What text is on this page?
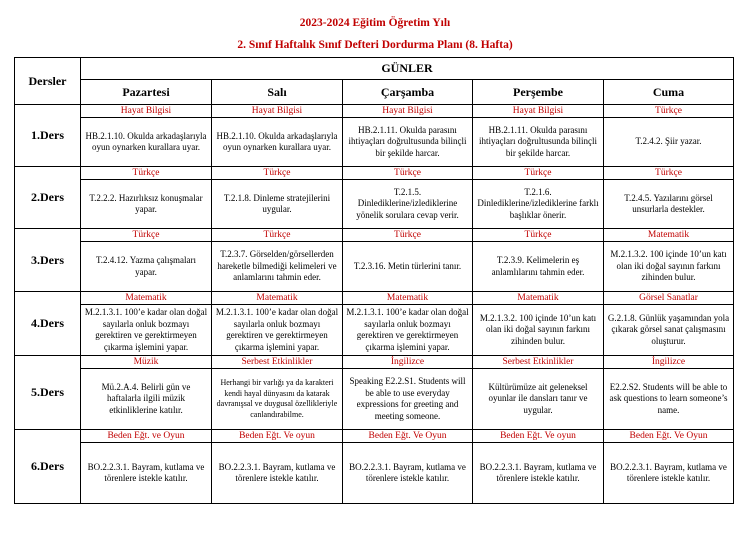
2023-2024 Eğitim Öğretim Yılı
2. Sınıf Haftalık Sınıf Defteri Dordurma Planı (8. Hafta)
Dersler	GÜNLER				
	Pazartesi	Salı	Çarşamba	Perşembe	Cuma
1.Ders	Hayat Bilgisi	Hayat Bilgisi	Hayat Bilgisi	Hayat Bilgisi	Türkçe
	HB.2.1.10. Okulda arkadaşlarıyla oyun oynarken kurallara uyar.	HB.2.1.10. Okulda arkadaşlarıyla oyun oynarken kurallara uyar.	HB.2.1.11. Okulda parasını ihtiyaçları doğrultusunda bilinçli bir şekilde harcar.	HB.2.1.11. Okulda parasını ihtiyaçları doğrultusunda bilinçli bir şekilde harcar.	T.2.4.2. Şiir yazar.
2.Ders	Türkçe	Türkçe	Türkçe	Türkçe	Türkçe
	T.2.2.2. Hazırlıksız konuşmalar yapar.	T.2.1.8. Dinleme stratejilerini uygular.	T.2.1.5. Dinlediklerine/izlediklerine yönelik sorulara cevap verir.	T.2.1.6. Dinlediklerine/izlediklerine farklı başlıklar önerir.	T.2.4.5. Yazılarını görsel unsurlarla destekler.
3.Ders	Türkçe	Türkçe	Türkçe	Türkçe	Matematik
	T.2.4.12. Yazma çalışmaları yapar.	T.2.3.7. Görselden/görsellerden hareketle bilmediği kelimeleri ve anlamlarını tahmin eder.	T.2.3.16. Metin türlerini tanır.	T.2.3.9. Kelimelerin eş anlamlılarını tahmin eder.	M.2.1.3.2. 100 içinde 10’un katı olan iki doğal sayının farkını zihinden bulur.
4.Ders	Matematik	Matematik	Matematik	Matematik	Görsel Sanatlar
	M.2.1.3.1. 100’e kadar olan doğal sayılarla onluk bozmayı gerektiren ve gerektirmeyen çıkarma işlemini yapar.	M.2.1.3.1. 100’e kadar olan doğal sayılarla onluk bozmayı gerektiren ve gerektirmeyen çıkarma işlemini yapar.	M.2.1.3.1. 100’e kadar olan doğal sayılarla onluk bozmayı gerektiren ve gerektirmeyen çıkarma işlemini yapar.	M.2.1.3.2. 100 içinde 10’un katı olan iki doğal sayının farkını zihinden bulur.	G.2.1.8. Günlük yaşamından yola çıkarak görsel sanat çalışmasını oluşturur.
5.Ders	Müzik	Serbest Etkinlikler	İngilizce	Serbest Etkinlikler	İngilizce
	Mü.2.A.4. Belirli gün ve haftalarla ilgili müzik etkinliklerine katılır.	Herhangi bir varlığı ya da karakteri kendi hayal dünyasını da katarak davranışsal ve duygusal özellikleriyle canlandırabilme.	Speaking E2.2.S1. Students will be able to use everyday expressions for greeting and meeting someone.	Kültürümüze ait geleneksel oyunlar ile dansları tanır ve uygular.	E2.2.S2. Students will be able to ask questions to learn someone’s name.
6.Ders	Beden Eğt. ve Oyun	Beden Eğt. Ve oyun	Beden Eğt. Ve Oyun	Beden Eğt. Ve oyun	Beden Eğt. Ve Oyun
	BO.2.2.3.1. Bayram, kutlama ve törenlere istekle katılır.	BO.2.2.3.1. Bayram, kutlama ve törenlere istekle katılır.	BO.2.2.3.1. Bayram, kutlama ve törenlere istekle katılır.	BO.2.2.3.1. Bayram, kutlama ve törenlere istekle katılır.	BO.2.2.3.1. Bayram, kutlama ve törenlere istekle katılır.
